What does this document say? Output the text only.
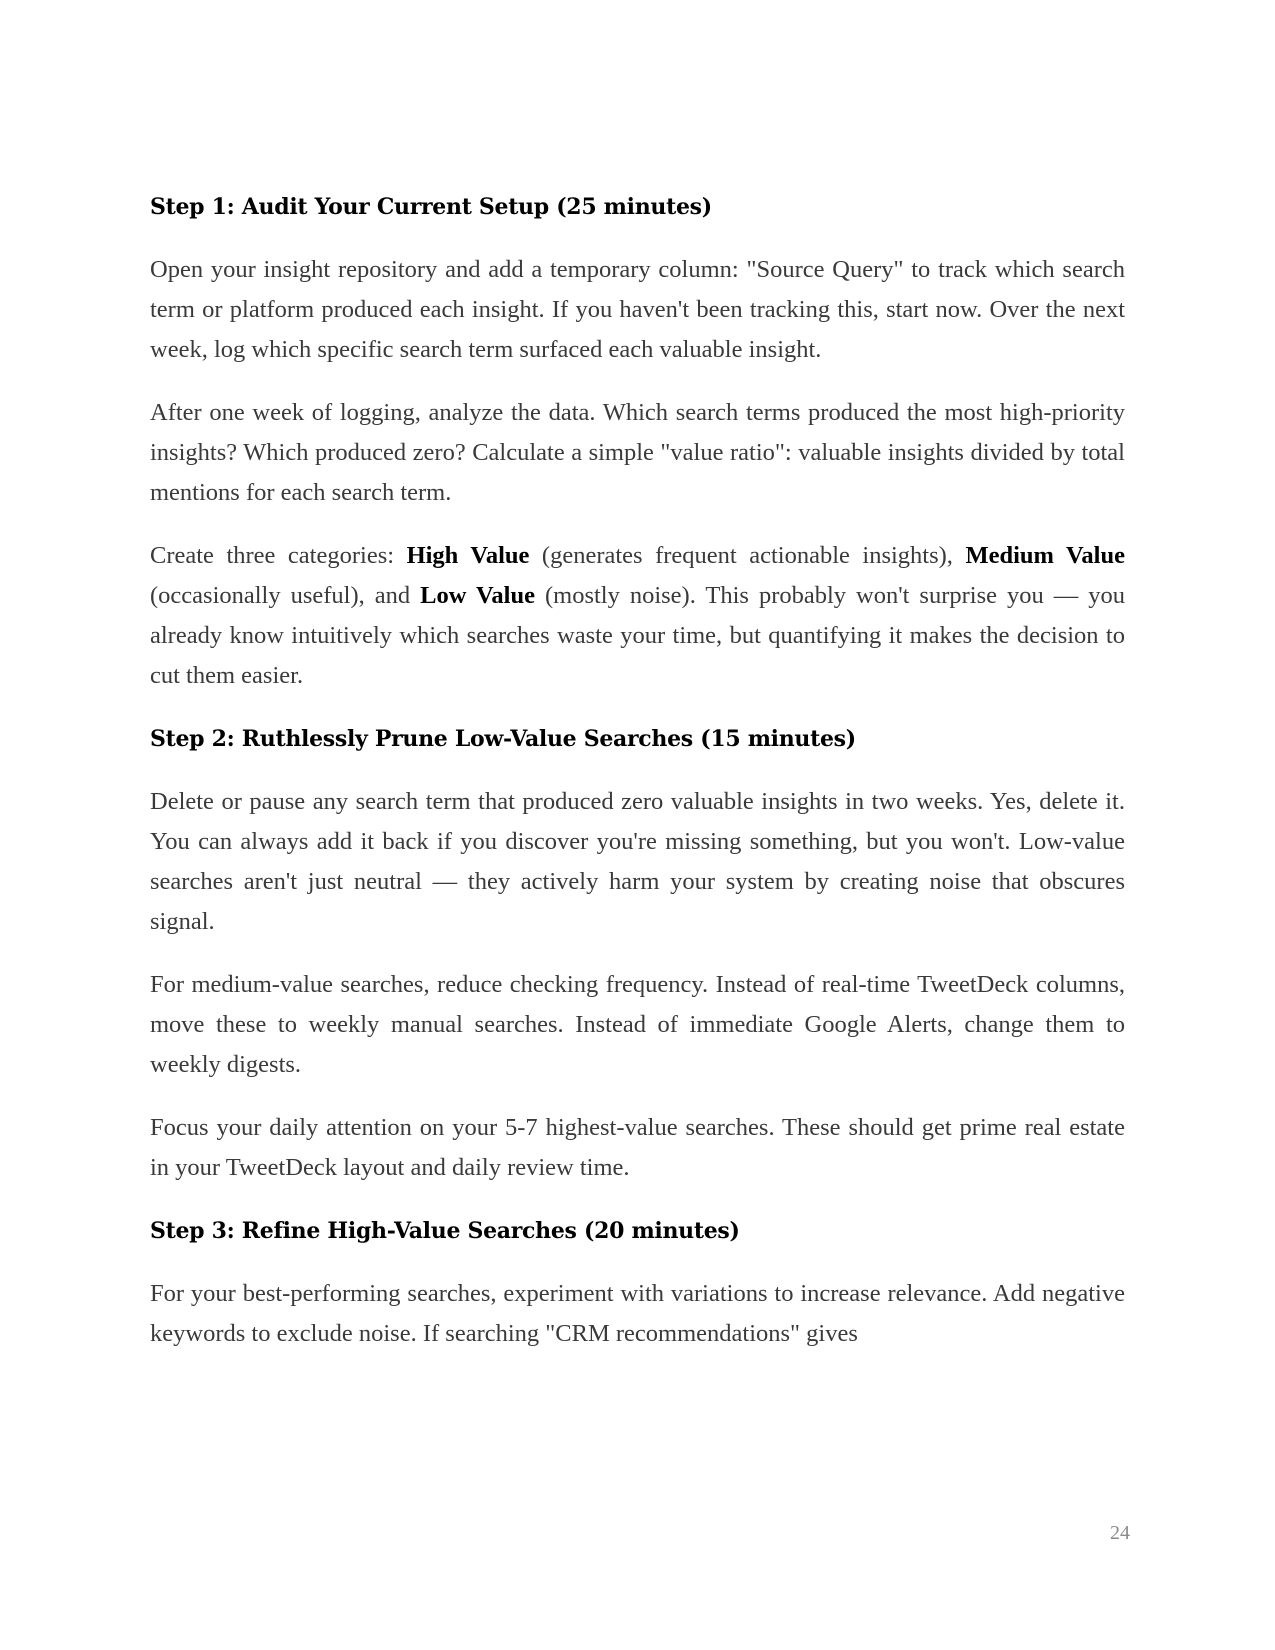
Step 1: Audit Your Current Setup (25 minutes)

Open your insight repository and add a temporary column: "Source Query" to track which search term or platform produced each insight. If you haven't been tracking this, start now. Over the next week, log which specific search term surfaced each valuable insight.

After one week of logging, analyze the data. Which search terms produced the most high-priority insights? Which produced zero? Calculate a simple "value ratio": valuable insights divided by total mentions for each search term.

Create three categories: High Value (generates frequent actionable insights), Medium Value (occasionally useful), and Low Value (mostly noise). This probably won't surprise you — you already know intuitively which searches waste your time, but quantifying it makes the decision to cut them easier.

Step 2: Ruthlessly Prune Low-Value Searches (15 minutes)

Delete or pause any search term that produced zero valuable insights in two weeks. Yes, delete it. You can always add it back if you discover you're missing something, but you won't. Low-value searches aren't just neutral — they actively harm your system by creating noise that obscures signal.

For medium-value searches, reduce checking frequency. Instead of real-time TweetDeck columns, move these to weekly manual searches. Instead of immediate Google Alerts, change them to weekly digests.

Focus your daily attention on your 5-7 highest-value searches. These should get prime real estate in your TweetDeck layout and daily review time.

Step 3: Refine High-Value Searches (20 minutes)

For your best-performing searches, experiment with variations to increase relevance. Add negative keywords to exclude noise. If searching "CRM recommendations" gives

24
